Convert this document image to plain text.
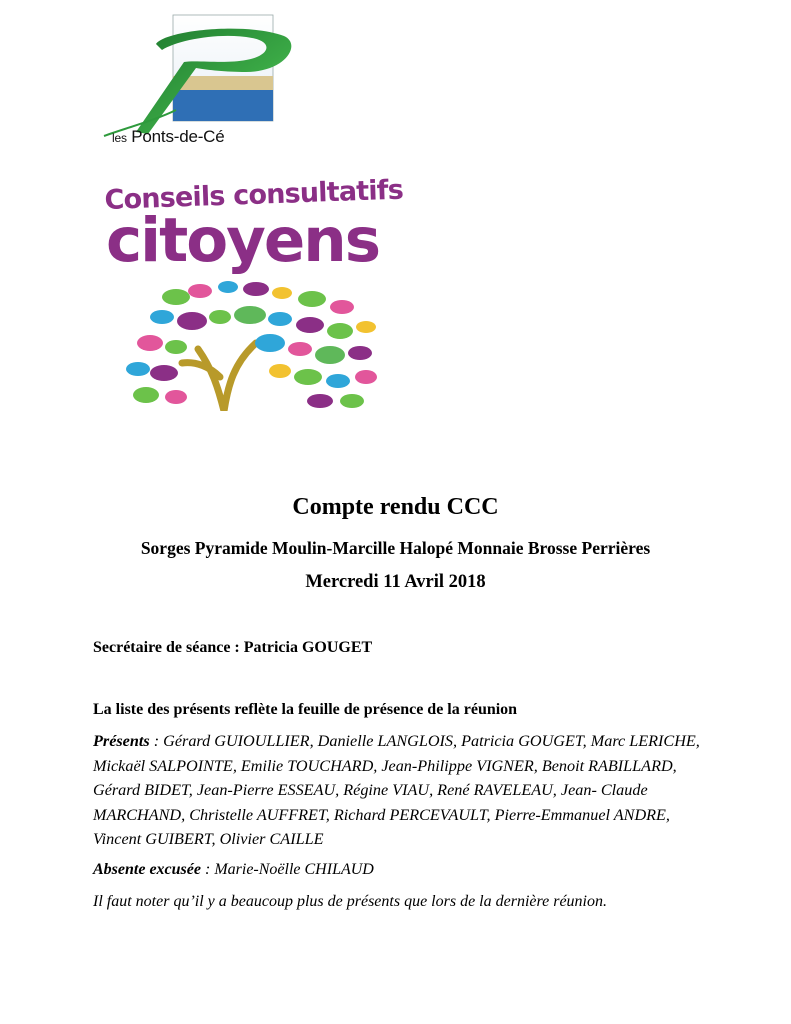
les Ponts-de-Cé
Conseils consultatifs
citoyens
Compte rendu CCC
Sorges Pyramide Moulin-Marcille Halopé Monnaie Brosse Perrières
Mercredi 11 Avril 2018
Secrétaire de séance : Patricia GOUGET
La liste des présents reflète la feuille de présence de la réunion
Présents : Gérard GUIOULLIER, Danielle LANGLOIS, Patricia GOUGET, Marc LERICHE, Mickaël SALPOINTE, Emilie TOUCHARD, Jean-Philippe VIGNER, Benoit RABILLARD, Gérard BIDET, Jean-Pierre ESSEAU, Régine VIAU, René RAVELEAU, Jean- Claude MARCHAND, Christelle AUFFRET, Richard PERCEVAULT, Pierre-Emmanuel ANDRE, Vincent GUIBERT, Olivier CAILLE
Absente excusée : Marie-Noëlle CHILAUD
Il faut noter qu’il y a beaucoup plus de présents que lors de la dernière réunion.
